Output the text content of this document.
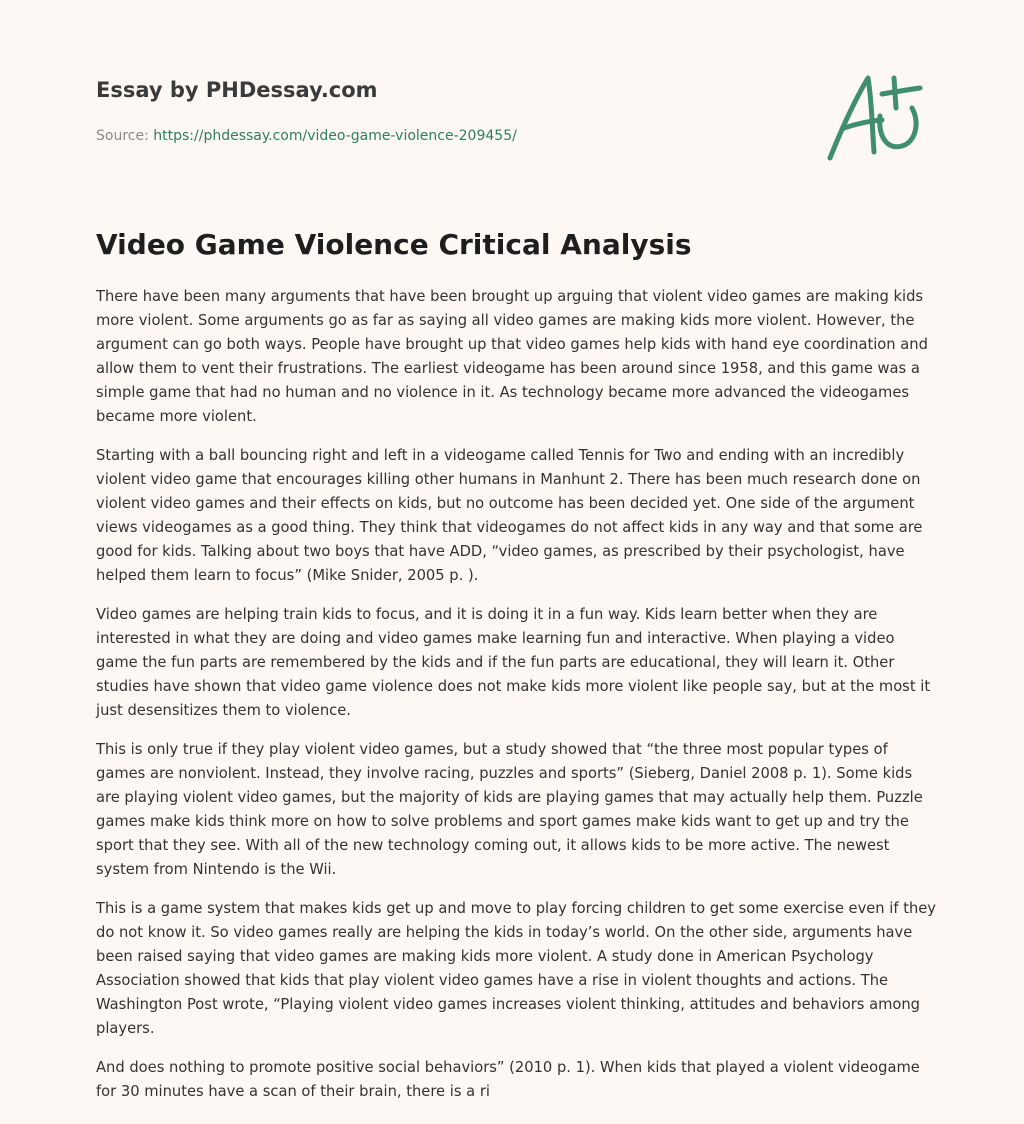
Essay by PHDessay.com
Source: https://phdessay.com/video-game-violence-209455/
Video Game Violence Critical Analysis

There have been many arguments that have been brought up arguing that violent video games are making kids more violent. Some arguments go as far as saying all video games are making kids more violent. However, the argument can go both ways. People have brought up that video games help kids with hand eye coordination and allow them to vent their frustrations. The earliest videogame has been around since 1958, and this game was a simple game that had no human and no violence in it. As technology became more advanced the videogames became more violent.

Starting with a ball bouncing right and left in a videogame called Tennis for Two and ending with an incredibly violent video game that encourages killing other humans in Manhunt 2. There has been much research done on violent video games and their effects on kids, but no outcome has been decided yet. One side of the argument views videogames as a good thing. They think that videogames do not affect kids in any way and that some are good for kids. Talking about two boys that have ADD, “video games, as prescribed by their psychologist, have helped them learn to focus” (Mike Snider, 2005 p. ).

Video games are helping train kids to focus, and it is doing it in a fun way. Kids learn better when they are interested in what they are doing and video games make learning fun and interactive. When playing a video game the fun parts are remembered by the kids and if the fun parts are educational, they will learn it. Other studies have shown that video game violence does not make kids more violent like people say, but at the most it just desensitizes them to violence.

This is only true if they play violent video games, but a study showed that “the three most popular types of games are nonviolent. Instead, they involve racing, puzzles and sports” (Sieberg, Daniel 2008 p. 1). Some kids are playing violent video games, but the majority of kids are playing games that may actually help them. Puzzle games make kids think more on how to solve problems and sport games make kids want to get up and try the sport that they see. With all of the new technology coming out, it allows kids to be more active. The newest system from Nintendo is the Wii.

This is a game system that makes kids get up and move to play forcing children to get some exercise even if they do not know it. So video games really are helping the kids in today’s world. On the other side, arguments have been raised saying that video games are making kids more violent. A study done in American Psychology Association showed that kids that play violent video games have a rise in violent thoughts and actions. The Washington Post wrote, “Playing violent video games increases violent thinking, attitudes and behaviors among players.

And does nothing to promote positive social behaviors” (2010 p. 1). When kids that played a violent videogame for 30 minutes have a scan of their brain, there is a ri
